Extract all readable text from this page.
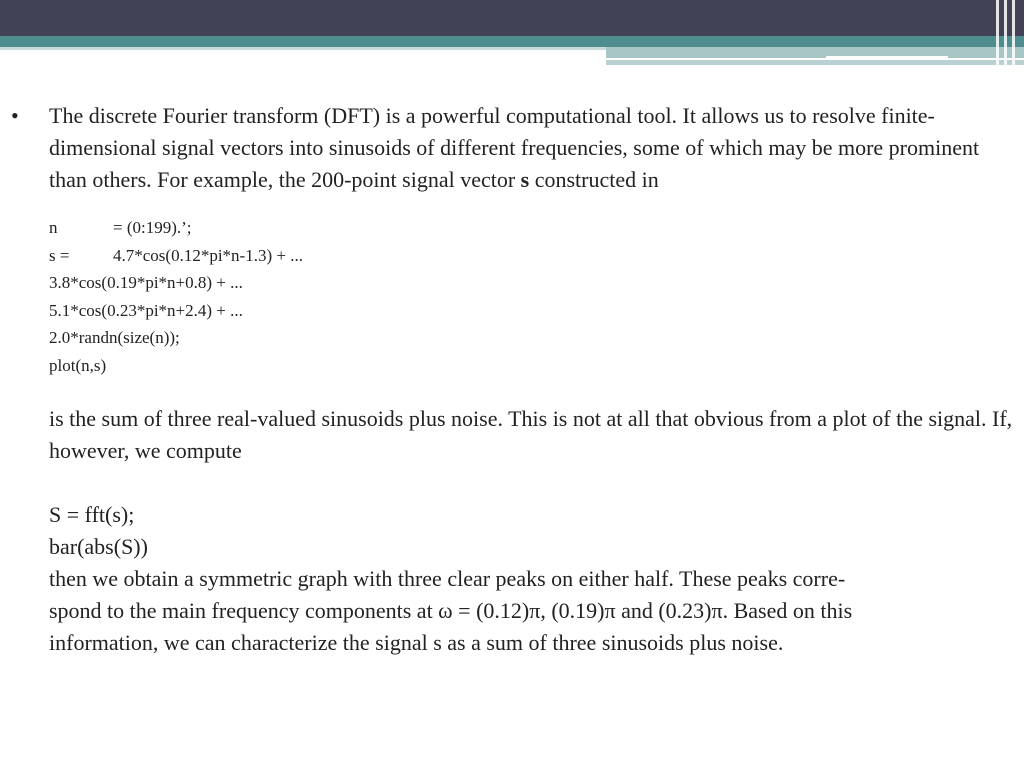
• The discrete Fourier transform (DFT) is a powerful computational tool. It allows us to resolve finite-dimensional signal vectors into sinusoids of different frequencies, some of which may be more prominent than others. For example, the 200-point signal vector s constructed in

n	= (0:199).’;
s =	4.7*cos(0.12*pi*n-1.3) + ...
3.8*cos(0.19*pi*n+0.8) + ...
5.1*cos(0.23*pi*n+2.4) + ...
2.0*randn(size(n));
plot(n,s)

is the sum of three real-valued sinusoids plus noise. This is not at all that obvious from a plot of the signal. If, however, we compute

S = fft(s);
bar(abs(S))
then we obtain a symmetric graph with three clear peaks on either half. These peaks corre-
spond to the main frequency components at ω = (0.12)π, (0.19)π and (0.23)π. Based on this
information, we can characterize the signal s as a sum of three sinusoids plus noise.
